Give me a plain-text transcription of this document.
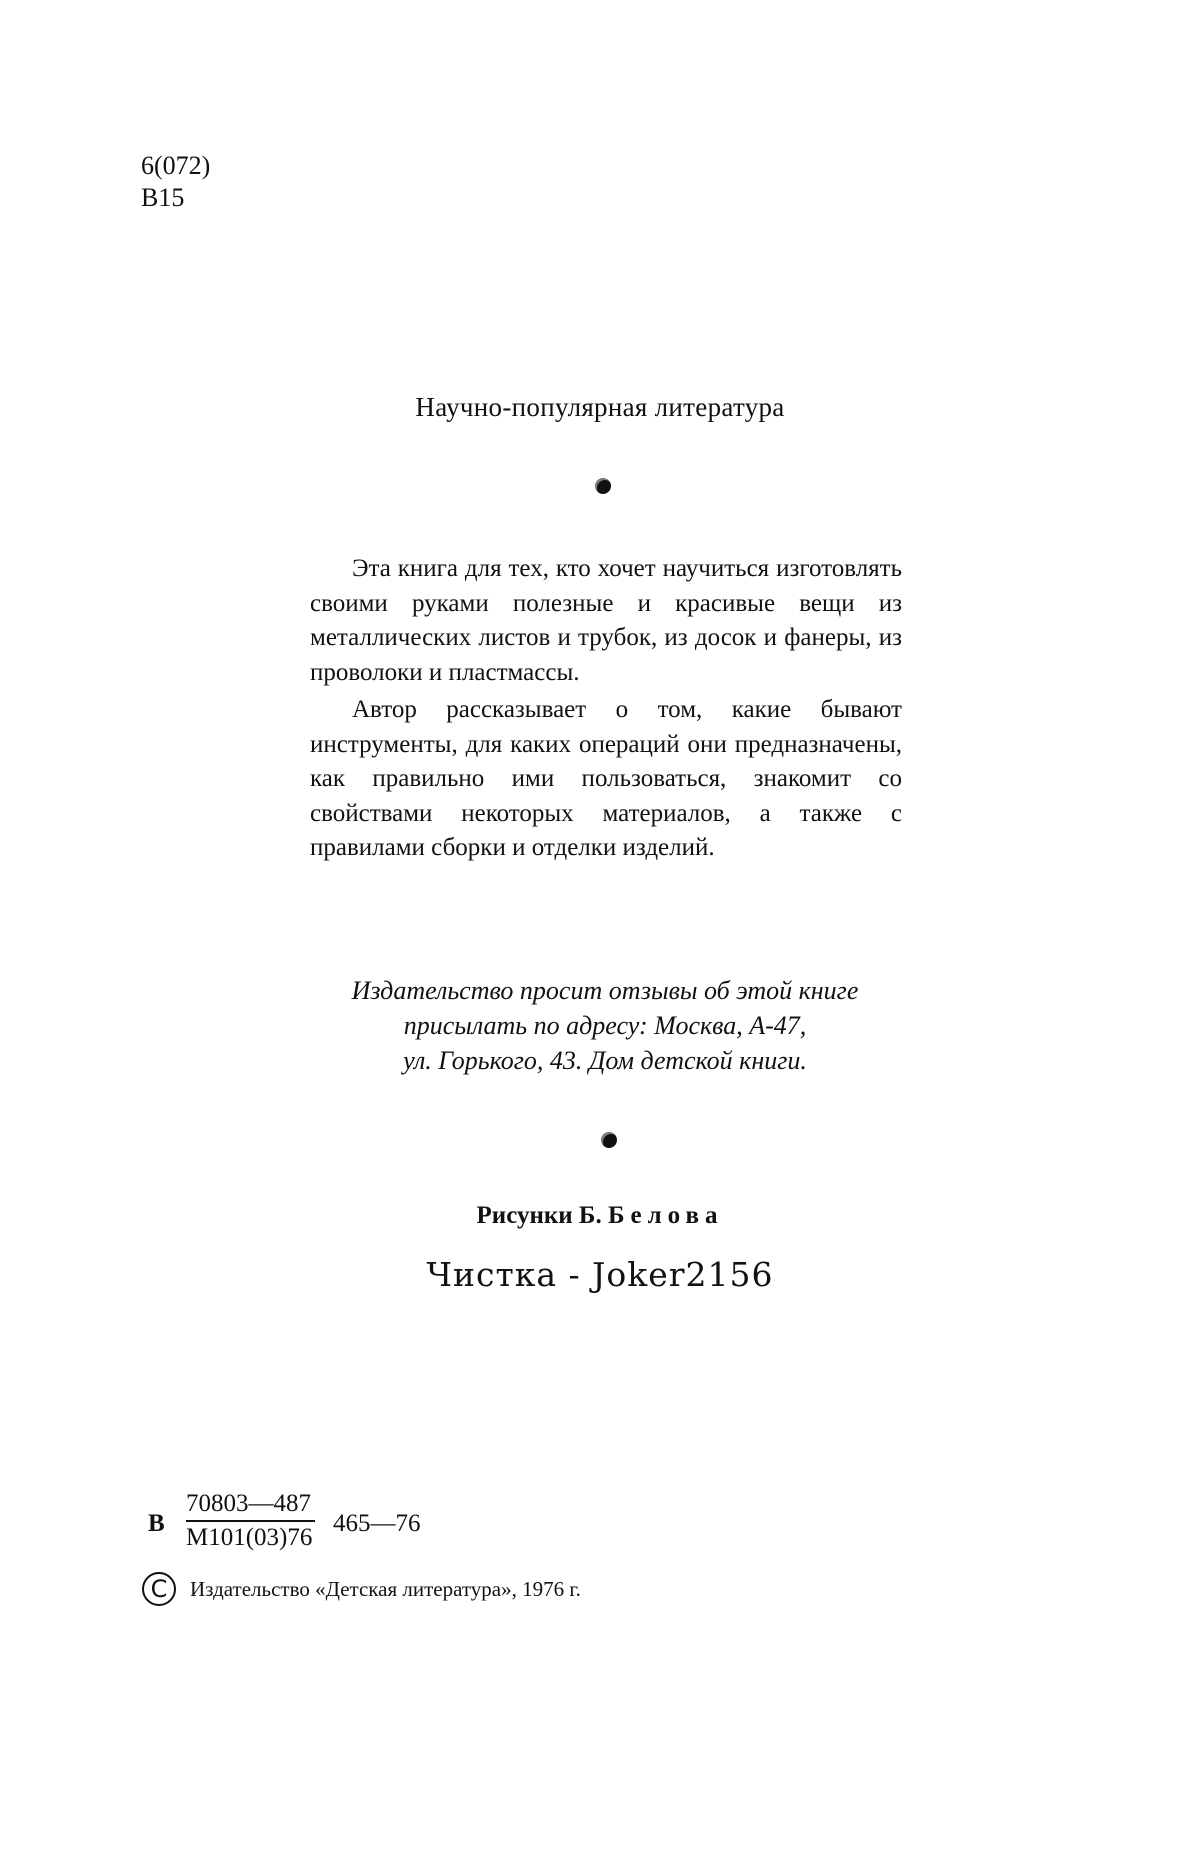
6(072)
В15
Научно-популярная литература

Эта книга для тех, кто хочет научиться изготовлять своими руками полезные и красивые вещи из металлических листов и трубок, из досок и фанеры, из проволоки и пластмассы.

Автор рассказывает о том, какие бывают инструменты, для каких операций они предназначены, как правильно ими пользоваться, знакомит со свойствами некоторых материалов, а также с правилами сборки и отделки изделий.

Издательство просит отзывы об этой книге
присылать по адресу: Москва, А-47,
ул. Горького, 43. Дом детской книги.
Рисунки Б. Белова
Чистка - Joker2156
В
70803—487
М101(03)76
465—76
C	Издательство «Детская литература», 1976 г.
